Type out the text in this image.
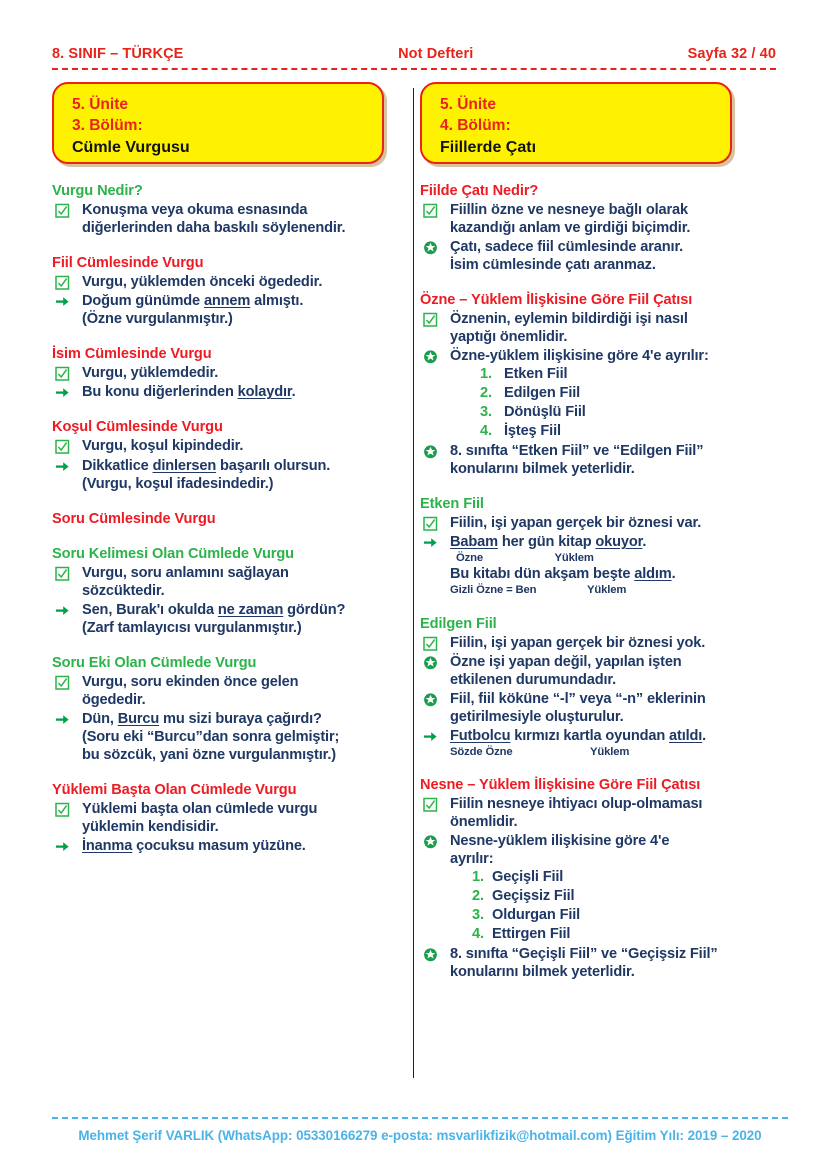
8. SINIF – TÜRKÇE	Not Defteri	Sayfa 32 / 40
5. Ünite
3. Bölüm:
Cümle Vurgusu
Vurgu Nedir?
Konuşma veya okuma esnasında
diğerlerinden daha baskılı söylenendir.
Fiil Cümlesinde Vurgu
Vurgu, yüklemden önceki ögededir.
Doğum günümde annem almıştı.
(Özne vurgulanmıştır.)
İsim Cümlesinde Vurgu
Vurgu, yüklemdedir.
Bu konu diğerlerinden kolaydır.
Koşul Cümlesinde Vurgu
Vurgu, koşul kipindedir.
Dikkatlice dinlersen başarılı olursun.
(Vurgu, koşul ifadesindedir.)
Soru Cümlesinde Vurgu
Soru Kelimesi Olan Cümlede Vurgu
Vurgu, soru anlamını sağlayan
sözcüktedir.
Sen, Burak'ı okulda ne zaman gördün?
(Zarf tamlayıcısı vurgulanmıştır.)
Soru Eki Olan Cümlede Vurgu
Vurgu, soru ekinden önce gelen
ögededir.
Dün, Burcu mu sizi buraya çağırdı?
(Soru eki “Burcu”dan sonra gelmiştir;
bu sözcük, yani özne vurgulanmıştır.)
Yüklemi Başta Olan Cümlede Vurgu
Yüklemi başta olan cümlede vurgu
yüklemin kendisidir.
İnanma çocuksu masum yüzüne.
5. Ünite
4. Bölüm:
Fiillerde Çatı
Fiilde Çatı Nedir?
Fiillin özne ve nesneye bağlı olarak
kazandığı anlam ve girdiği biçimdir.
Çatı, sadece fiil cümlesinde aranır.
İsim cümlesinde çatı aranmaz.
Özne – Yüklem İlişkisine Göre Fiil Çatısı
Öznenin, eylemin bildirdiği işi nasıl
yaptığı önemlidir.
Özne-yüklem ilişkisine göre 4'e ayrılır:
1. Etken Fiil
2. Edilgen Fiil
3. Dönüşlü Fiil
4. İşteş Fiil
8. sınıfta “Etken Fiil” ve “Edilgen Fiil”
konularını bilmek yeterlidir.
Etken Fiil
Fiilin, işi yapan gerçek bir öznesi var.
Babam her gün kitap okuyor.
Özne                        Yüklem
Bu kitabı dün akşam beşte aldım.
Gizli Özne = Ben                 Yüklem
Edilgen Fiil
Fiilin, işi yapan gerçek bir öznesi yok.
Özne işi yapan değil, yapılan işten
etkilenen durumundadır.
Fiil, fiil köküne “-l” veya “-n” eklerinin
getirilmesiyle oluşturulur.
Futbolcu kırmızı kartla oyundan atıldı.
Sözde Özne                          Yüklem
Nesne – Yüklem İlişkisine Göre Fiil Çatısı
Fiilin nesneye ihtiyacı olup-olmaması
önemlidir.
Nesne-yüklem ilişkisine göre 4'e
ayrılır:
1. Geçişli Fiil
2. Geçişsiz Fiil
3. Oldurgan Fiil
4. Ettirgen Fiil
8. sınıfta “Geçişli Fiil” ve “Geçişsiz Fiil”
konularını bilmek yeterlidir.
Mehmet Şerif VARLIK (WhatsApp: 05330166279 e-posta: msvarlikfizik@hotmail.com) Eğitim Yılı: 2019 – 2020
